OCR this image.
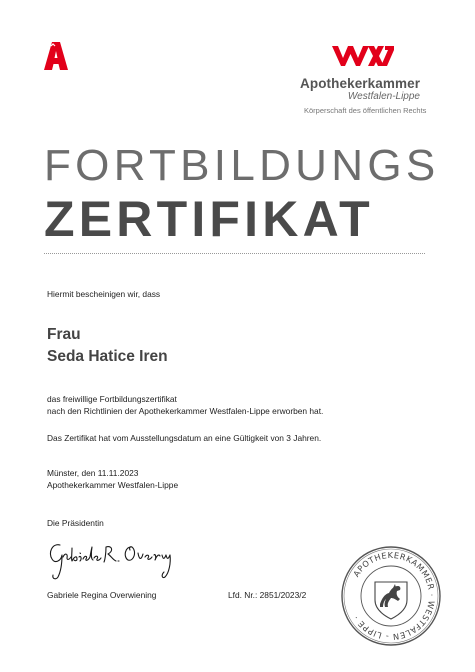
Apothekerkammer
Westfalen-Lippe
Körperschaft des öffentlichen Rechts
FORTBILDUNGS
ZERTIFIKAT
Hiermit bescheinigen wir, dass
Frau
Seda Hatice Iren
das freiwillige Fortbildungszertifikat
nach den Richtlinien der Apothekerkammer Westfalen-Lippe erworben hat.
Das Zertifikat hat vom Ausstellungsdatum an eine Gültigkeit von 3 Jahren.
Münster, den 11.11.2023
Apothekerkammer Westfalen-Lippe
Die Präsidentin
Gabriele Regina Overwiening	Lfd. Nr.: 2851/2023/2
APOTHEKERKAMMER · WESTFALEN - LIPPE ·
